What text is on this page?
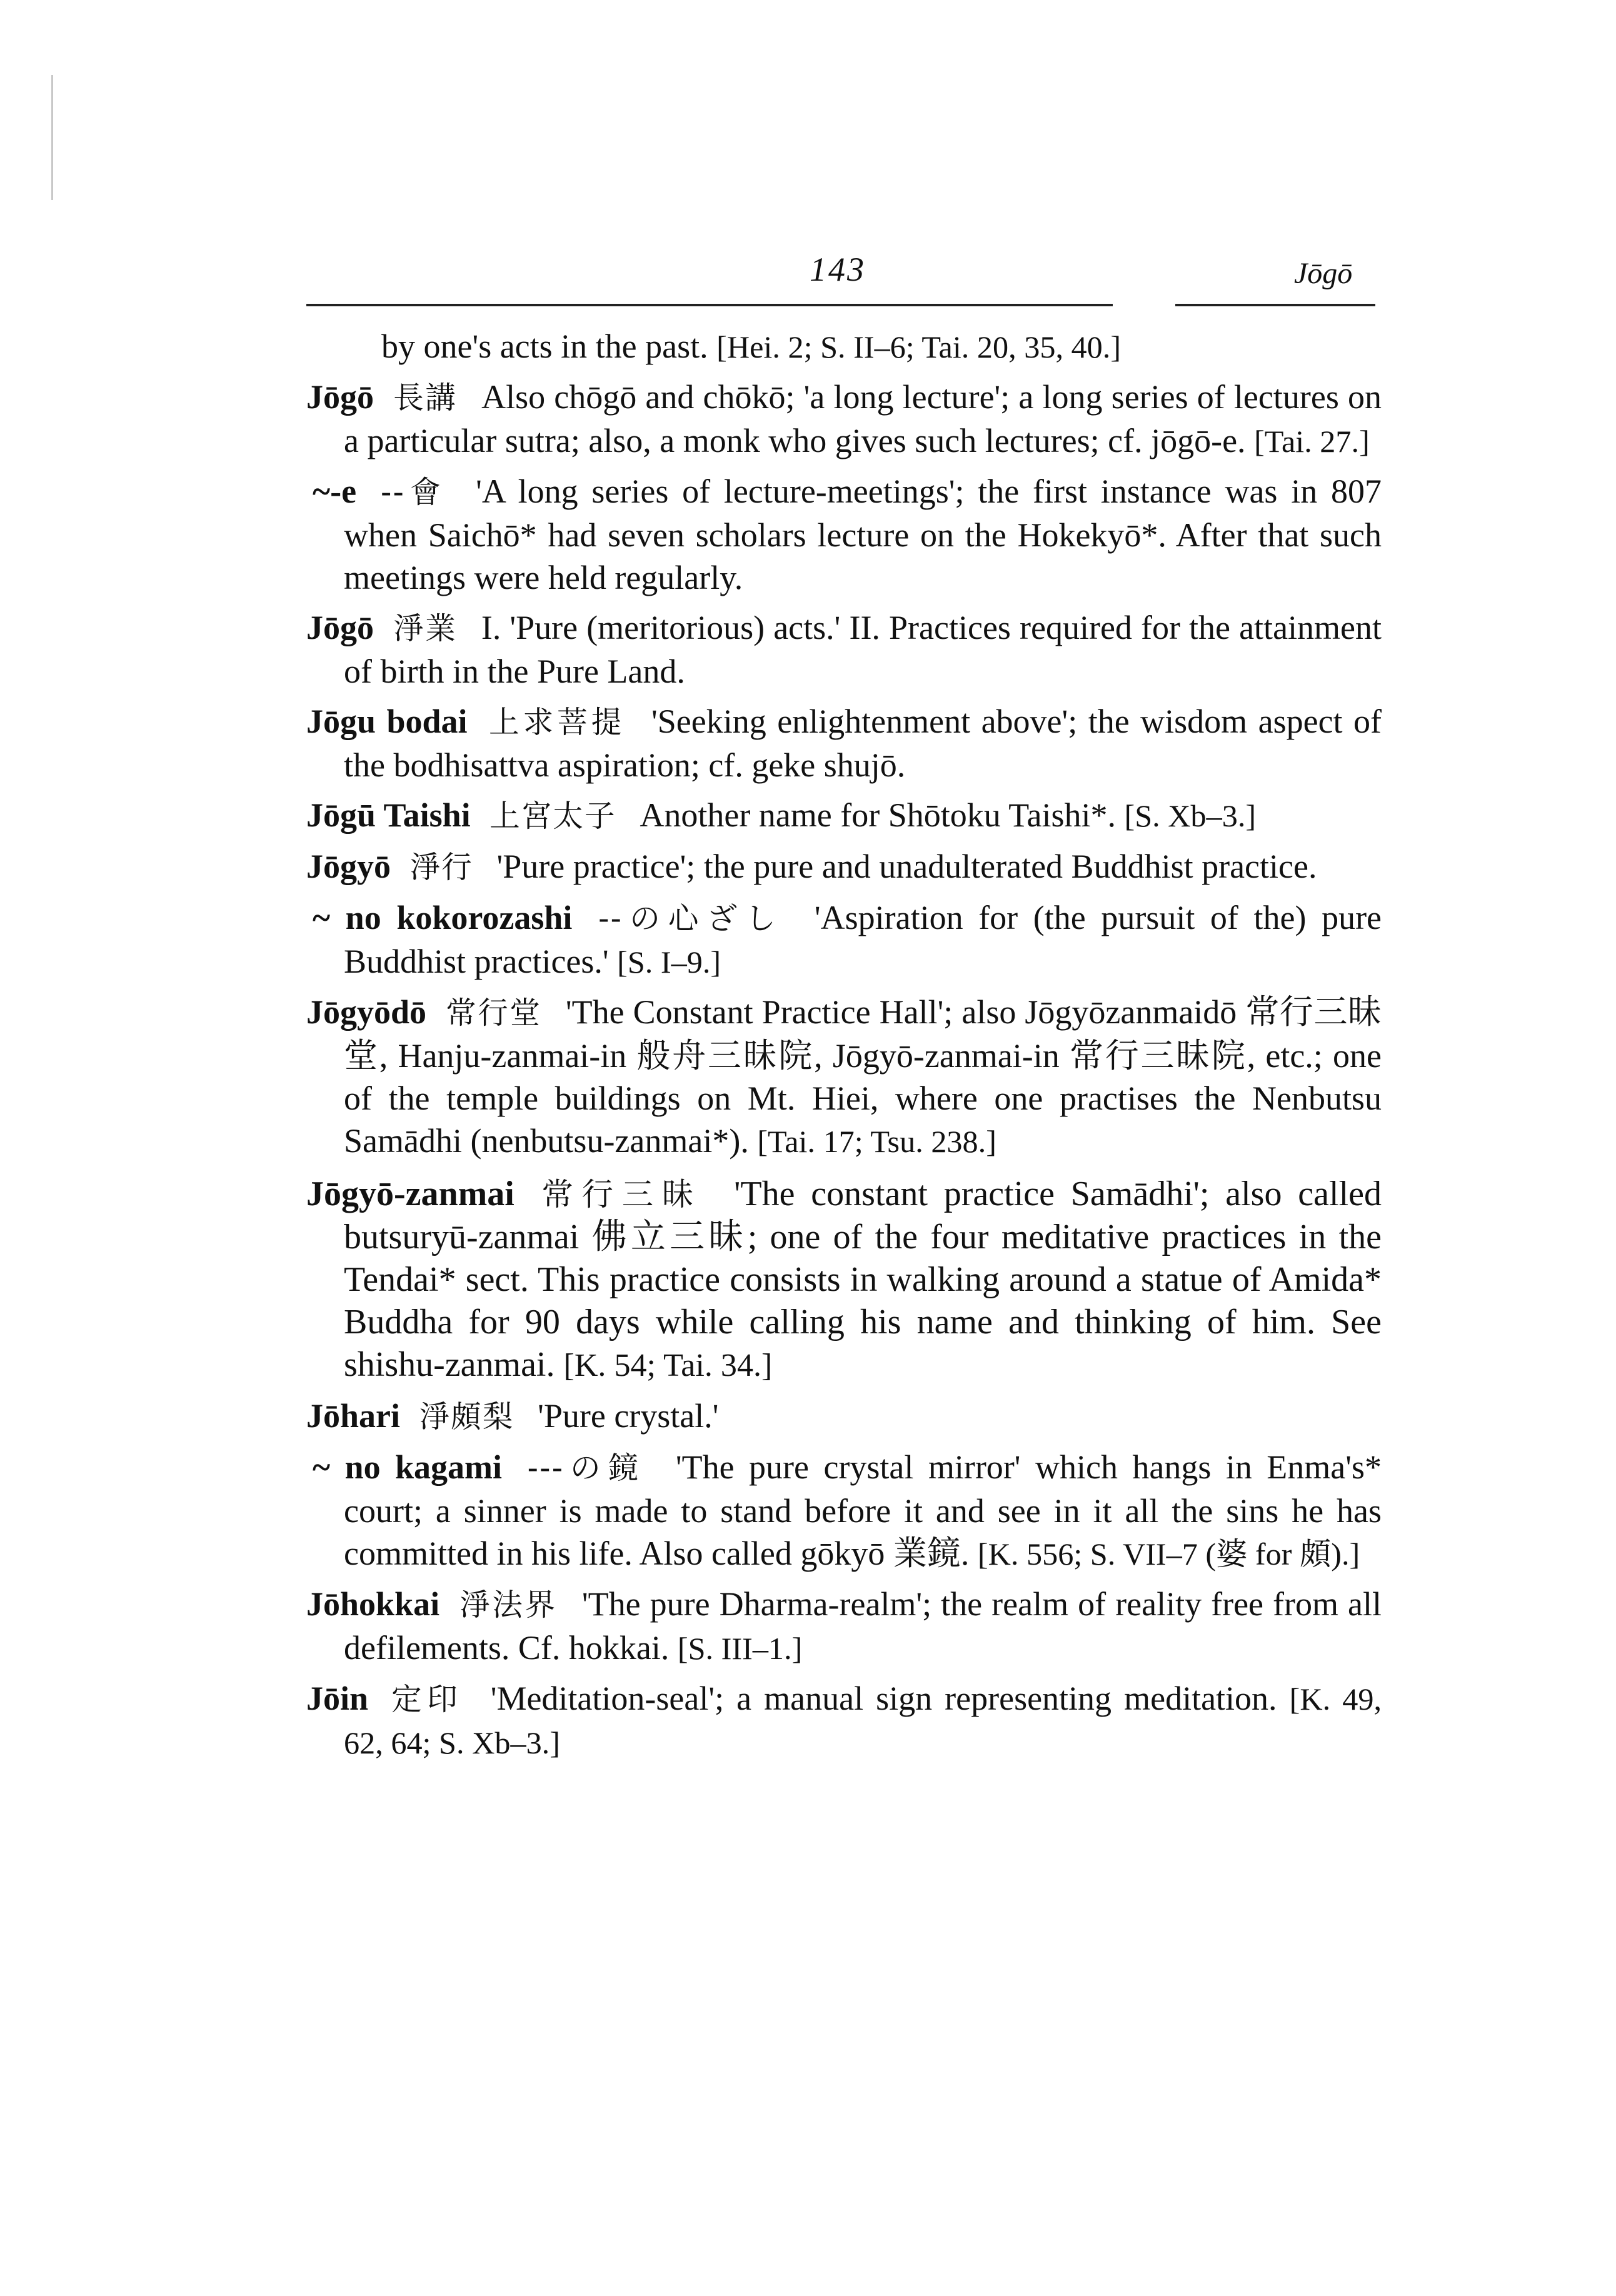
143	Jōgō
by one's acts in the past. [Hei. 2; S. II–6; Tai. 20, 35, 40.]
Jōgō 長講 Also chōgō and chōkō; 'a long lecture'; a long series of lectures on a particular sutra; also, a monk who gives such lectures; cf. jōgō-e. [Tai. 27.]
~-e --會 'A long series of lecture-meetings'; the first instance was in 807 when Saichō* had seven scholars lecture on the Hokekyō*. After that such meetings were held regularly.
Jōgō 淨業 I. 'Pure (meritorious) acts.' II. Practices required for the attainment of birth in the Pure Land.
Jōgu bodai 上求菩提 'Seeking enlightenment above'; the wisdom aspect of the bodhisattva aspiration; cf. geke shujō.
Jōgū Taishi 上宮太子 Another name for Shōtoku Taishi*. [S. Xb–3.]
Jōgyō 淨行 'Pure practice'; the pure and unadulterated Buddhist practice.
~ no kokorozashi --の心ざし 'Aspiration for (the pursuit of the) pure Buddhist practices.' [S. I–9.]
Jōgyōdō 常行堂 'The Constant Practice Hall'; also Jōgyōzanmaidō 常行三昧堂, Hanju-zanmai-in 般舟三昧院, Jōgyō-zanmai-in 常行三昧院, etc.; one of the temple buildings on Mt. Hiei, where one practises the Nenbutsu Samādhi (nenbutsu-zanmai*). [Tai. 17; Tsu. 238.]
Jōgyō-zanmai 常行三昧 'The constant practice Samādhi'; also called butsuryū-zanmai 佛立三昧; one of the four meditative practices in the Tendai* sect. This practice consists in walking around a statue of Amida* Buddha for 90 days while calling his name and thinking of him. See shishu-zanmai. [K. 54; Tai. 34.]
Jōhari 淨頗梨 'Pure crystal.'
~ no kagami ---の鏡 'The pure crystal mirror' which hangs in Enma's* court; a sinner is made to stand before it and see in it all the sins he has committed in his life. Also called gōkyō 業鏡. [K. 556; S. VII–7 (婆 for 頗).]
Jōhokkai 淨法界 'The pure Dharma-realm'; the realm of reality free from all defilements. Cf. hokkai. [S. III–1.]
Jōin 定印 'Meditation-seal'; a manual sign representing meditation. [K. 49, 62, 64; S. Xb–3.]
